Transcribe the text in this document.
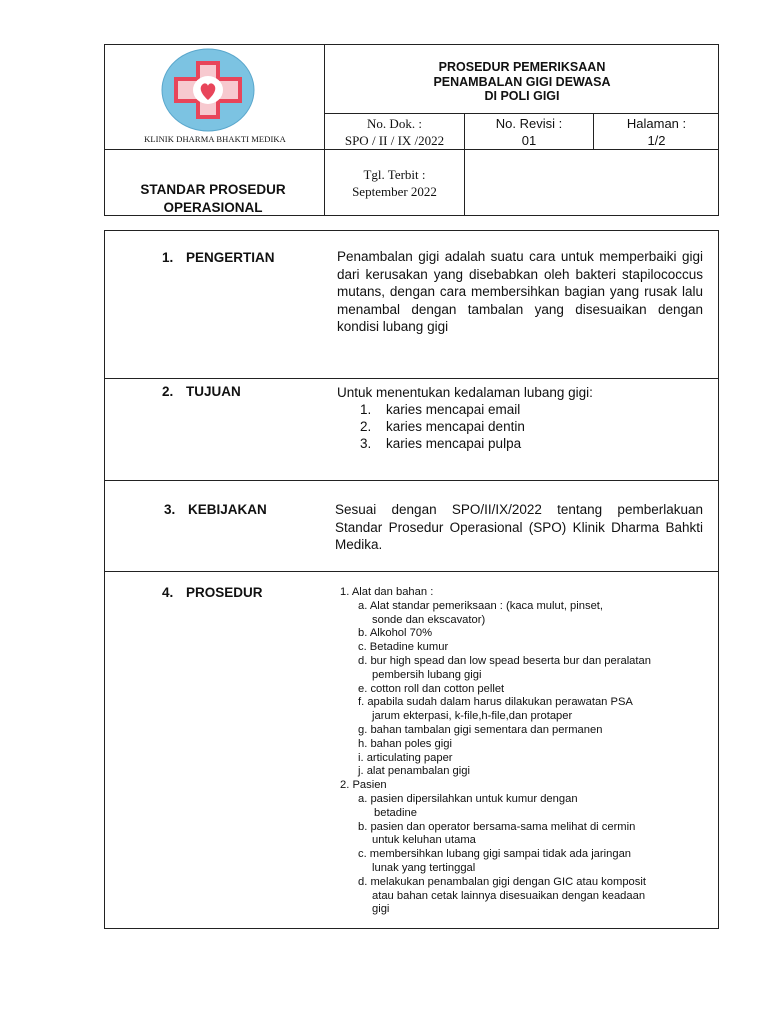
KLINIK DHARMA BHAKTI MEDIKA
STANDAR PROSEDUR OPERASIONAL
PROSEDUR PEMERIKSAAN
PENAMBALAN GIGI DEWASA
DI POLI GIGI
No. Dok. :
SPO / II / IX /2022
No. Revisi :
01
Halaman :
1/2
Tgl. Terbit :
September 2022
1. PENGERTIAN	Penambalan gigi adalah suatu cara untuk memperbaiki gigi dari kerusakan yang disebabkan oleh bakteri stapilococcus mutans, dengan cara membersihkan bagian yang rusak lalu menambal dengan tambalan yang disesuaikan dengan kondisi lubang gigi
2. TUJUAN	Untuk menentukan kedalaman lubang gigi:
1. karies mencapai email
2. karies mencapai dentin
3. karies mencapai pulpa
3. KEBIJAKAN	Sesuai dengan SPO/II/IX/2022 tentang pemberlakuan Standar Prosedur Operasional (SPO) Klinik Dharma Bahkti Medika.
4. PROSEDUR	1. Alat dan bahan :
a. Alat standar pemeriksaan : (kaca mulut, pinset,
sonde dan ekscavator)
b. Alkohol 70%
c. Betadine kumur
d. bur high spead dan low spead beserta bur dan peralatan
pembersih lubang gigi
e. cotton roll dan cotton pellet
f. apabila sudah dalam harus dilakukan perawatan PSA
jarum ekterpasi, k-file,h-file,dan protaper
g. bahan tambalan gigi sementara dan permanen
h. bahan poles gigi
i. articulating paper
j. alat penambalan gigi
2. Pasien
a. pasien dipersilahkan untuk kumur dengan
betadine
b. pasien dan operator bersama-sama melihat di cermin
untuk keluhan utama
c. membersihkan lubang gigi sampai tidak ada jaringan
lunak yang tertinggal
d. melakukan penambalan gigi dengan GIC atau komposit
atau bahan cetak lainnya disesuaikan dengan keadaan
gigi
